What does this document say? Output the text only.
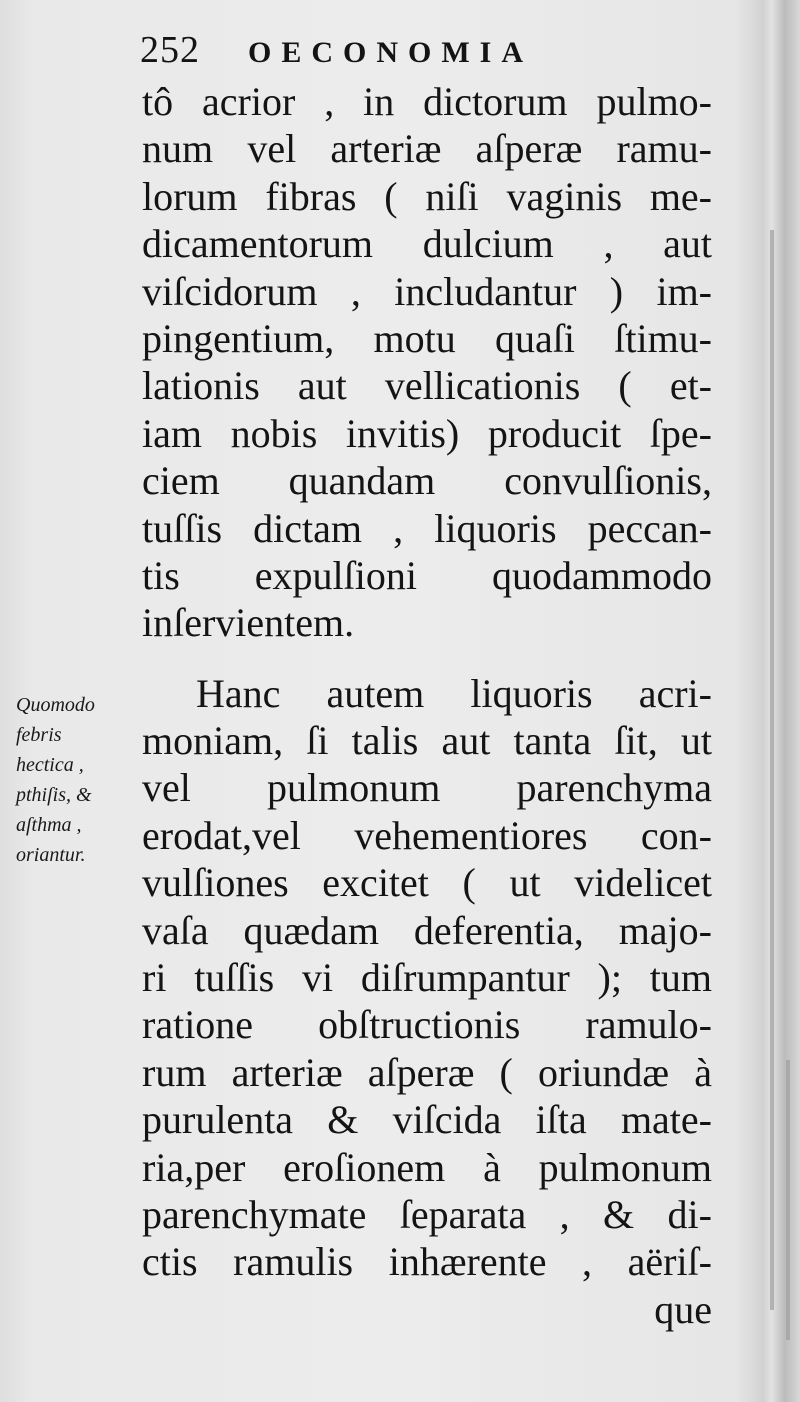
252 OECONOMIA
tô acrior , in dictorum pulmo-
num vel arteriæ aſperæ ramu-
lorum fibras ( niſi vaginis me-
dicamentorum dulcium , aut
viſcidorum , includantur ) im-
pingentium, motu quaſi ſtimu-
lationis aut vellicationis ( et-
iam nobis invitis) producit ſpe-
ciem quandam convulſionis,
tuſſis dictam , liquoris peccan-
tis expulſioni quodammodo
inſervientem.
Hanc autem liquoris acri-
moniam, ſi talis aut tanta ſit, ut
vel pulmonum parenchyma
erodat,vel vehementiores con-
vulſiones excitet ( ut videlicet
vaſa quædam deferentia, majo-
ri tuſſis vi diſrumpantur ); tum
ratione obſtructionis ramulo-
rum arteriæ aſperæ ( oriundæ à
purulenta & viſcida iſta mate-
ria,per eroſionem à pulmonum
parenchymate ſeparata , & di-
ctis ramulis inhærente , aëriſ-
que
Quomodo
febris
hectica ,
pthiſis, &
aſthma ,
oriantur.
